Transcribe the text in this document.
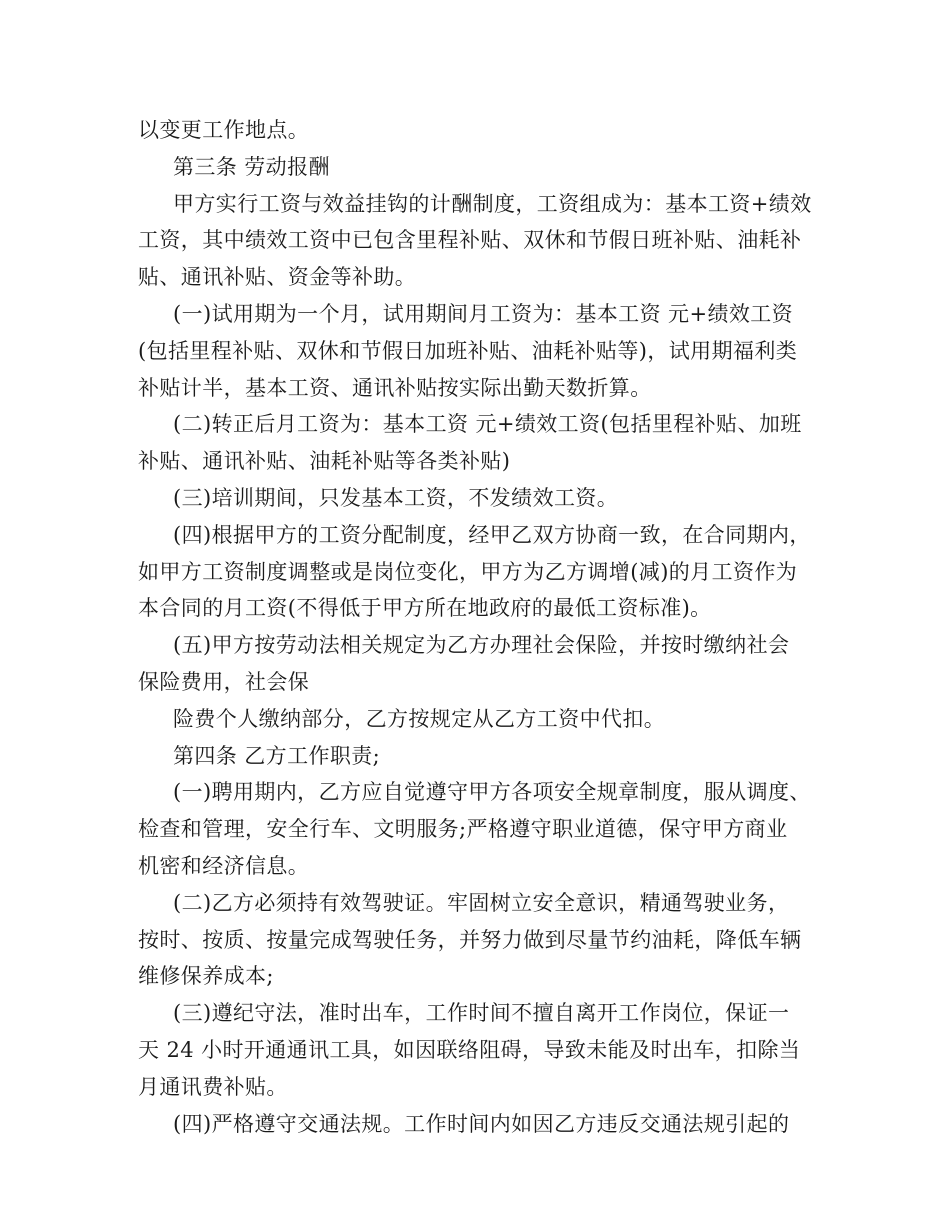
以变更工作地点。
第三条 劳动报酬
甲方实行工资与效益挂钩的计酬制度，工资组成为：基本工资+绩效
工资，其中绩效工资中已包含里程补贴、双休和节假日班补贴、油耗补
贴、通讯补贴、资金等补助。
(一)试用期为一个月，试用期间月工资为：基本工资 元+绩效工资
(包括里程补贴、双休和节假日加班补贴、油耗补贴等)，试用期福利类
补贴计半，基本工资、通讯补贴按实际出勤天数折算。
(二)转正后月工资为：基本工资 元+绩效工资(包括里程补贴、加班
补贴、通讯补贴、油耗补贴等各类补贴)
(三)培训期间，只发基本工资，不发绩效工资。
(四)根据甲方的工资分配制度，经甲乙双方协商一致，在合同期内，
如甲方工资制度调整或是岗位变化，甲方为乙方调增(减)的月工资作为
本合同的月工资(不得低于甲方所在地政府的最低工资标准)。
(五)甲方按劳动法相关规定为乙方办理社会保险，并按时缴纳社会
保险费用，社会保
险费个人缴纳部分，乙方按规定从乙方工资中代扣。
第四条 乙方工作职责;
(一)聘用期内，乙方应自觉遵守甲方各项安全规章制度，服从调度、
检查和管理，安全行车、文明服务;严格遵守职业道德，保守甲方商业
机密和经济信息。
(二)乙方必须持有效驾驶证。牢固树立安全意识，精通驾驶业务，
按时、按质、按量完成驾驶任务，并努力做到尽量节约油耗，降低车辆
维修保养成本;
(三)遵纪守法，准时出车，工作时间不擅自离开工作岗位，保证一
天 24 小时开通通讯工具，如因联络阻碍，导致未能及时出车，扣除当
月通讯费补贴。
(四)严格遵守交通法规。工作时间内如因乙方违反交通法规引起的
